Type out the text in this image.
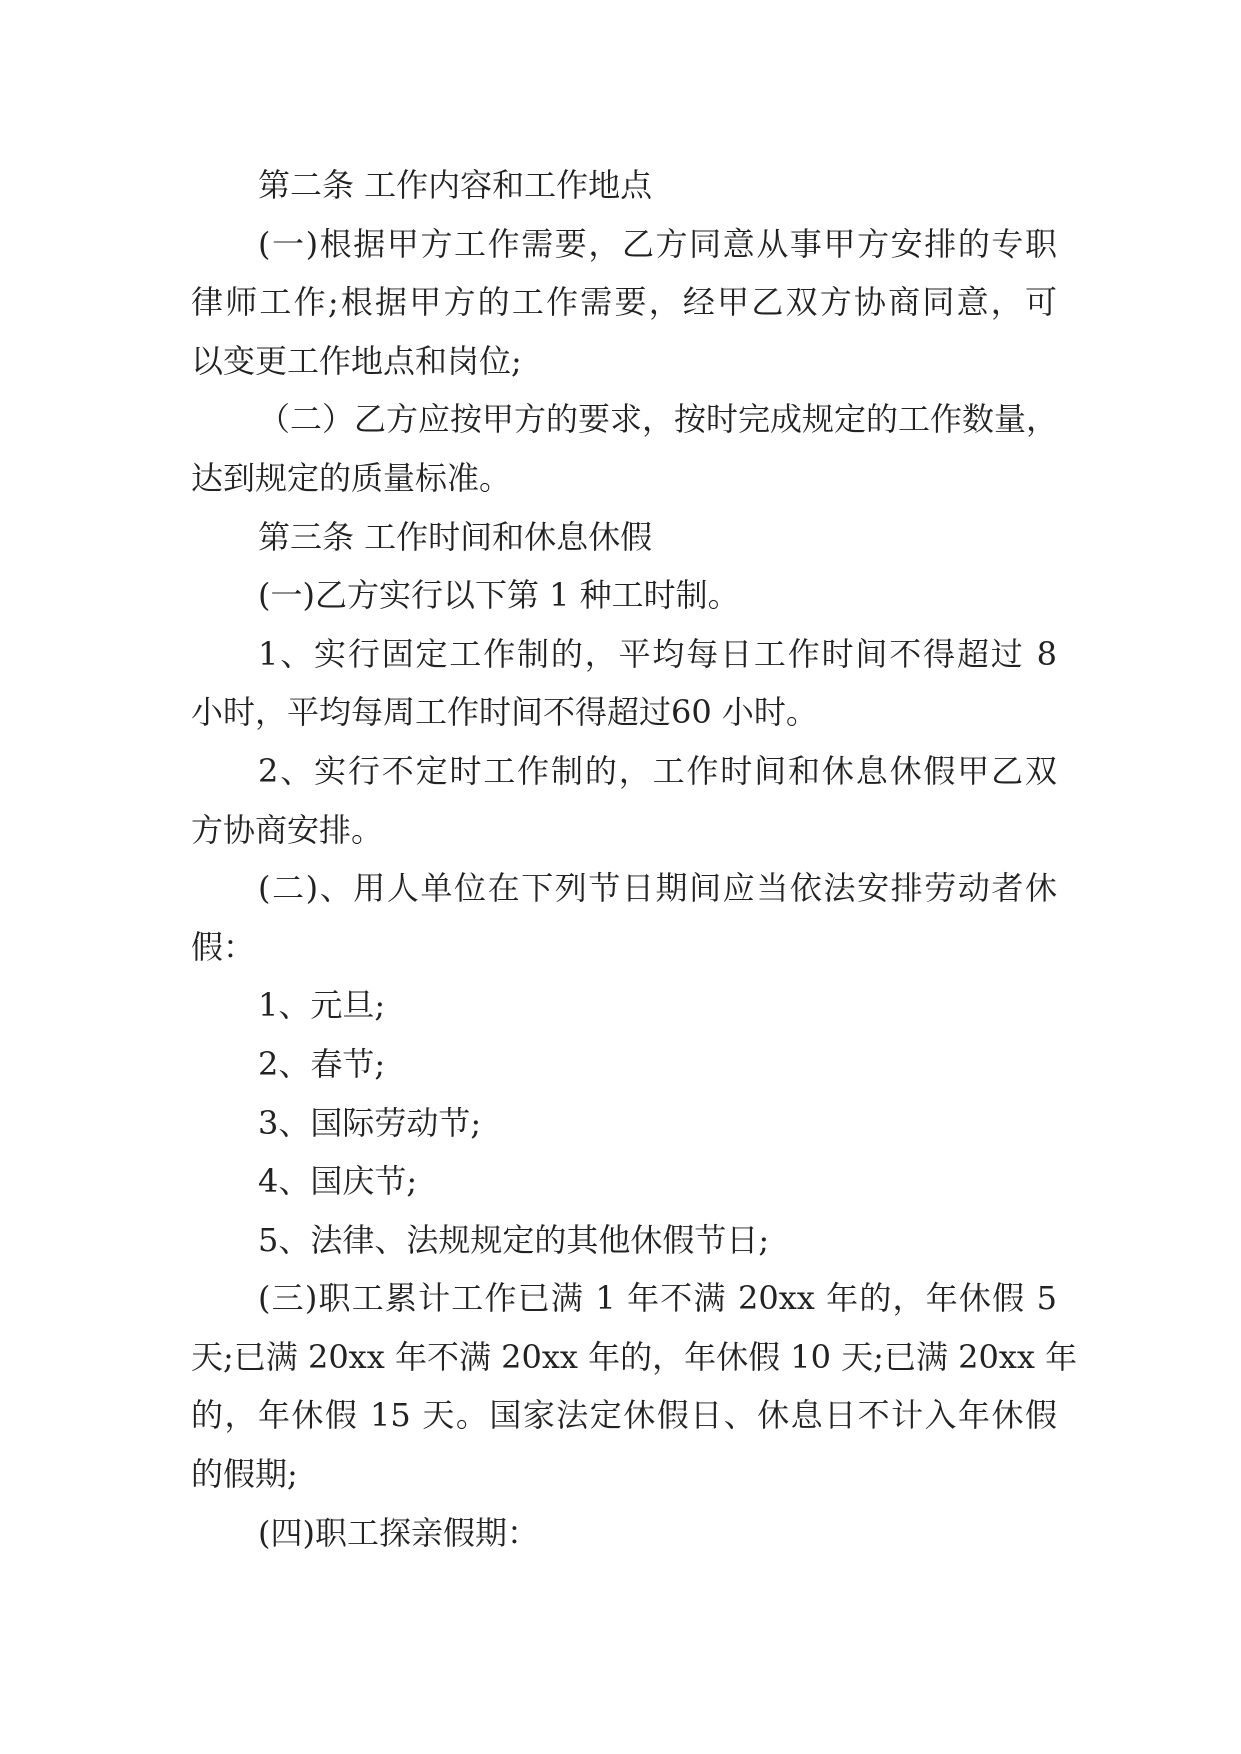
第二条 工作内容和工作地点
(一)根据甲方工作需要，乙方同意从事甲方安排的专职
律师工作;根据甲方的工作需要，经甲乙双方协商同意，可
以变更工作地点和岗位;
（二）乙方应按甲方的要求，按时完成规定的工作数量，
达到规定的质量标准。
第三条 工作时间和休息休假
(一)乙方实行以下第 1 种工时制。
1、实行固定工作制的，平均每日工作时间不得超过 8
小时，平均每周工作时间不得超过60 小时。
2、实行不定时工作制的，工作时间和休息休假甲乙双
方协商安排。
(二)、用人单位在下列节日期间应当依法安排劳动者休
假：
1、元旦;
2、春节;
3、国际劳动节;
4、国庆节;
5、法律、法规规定的其他休假节日;
(三)职工累计工作已满 1 年不满 20xx 年的，年休假 5
天;已满 20xx 年不满 20xx 年的，年休假 10 天;已满 20xx 年
的，年休假 15 天。国家法定休假日、休息日不计入年休假
的假期;
(四)职工探亲假期：
